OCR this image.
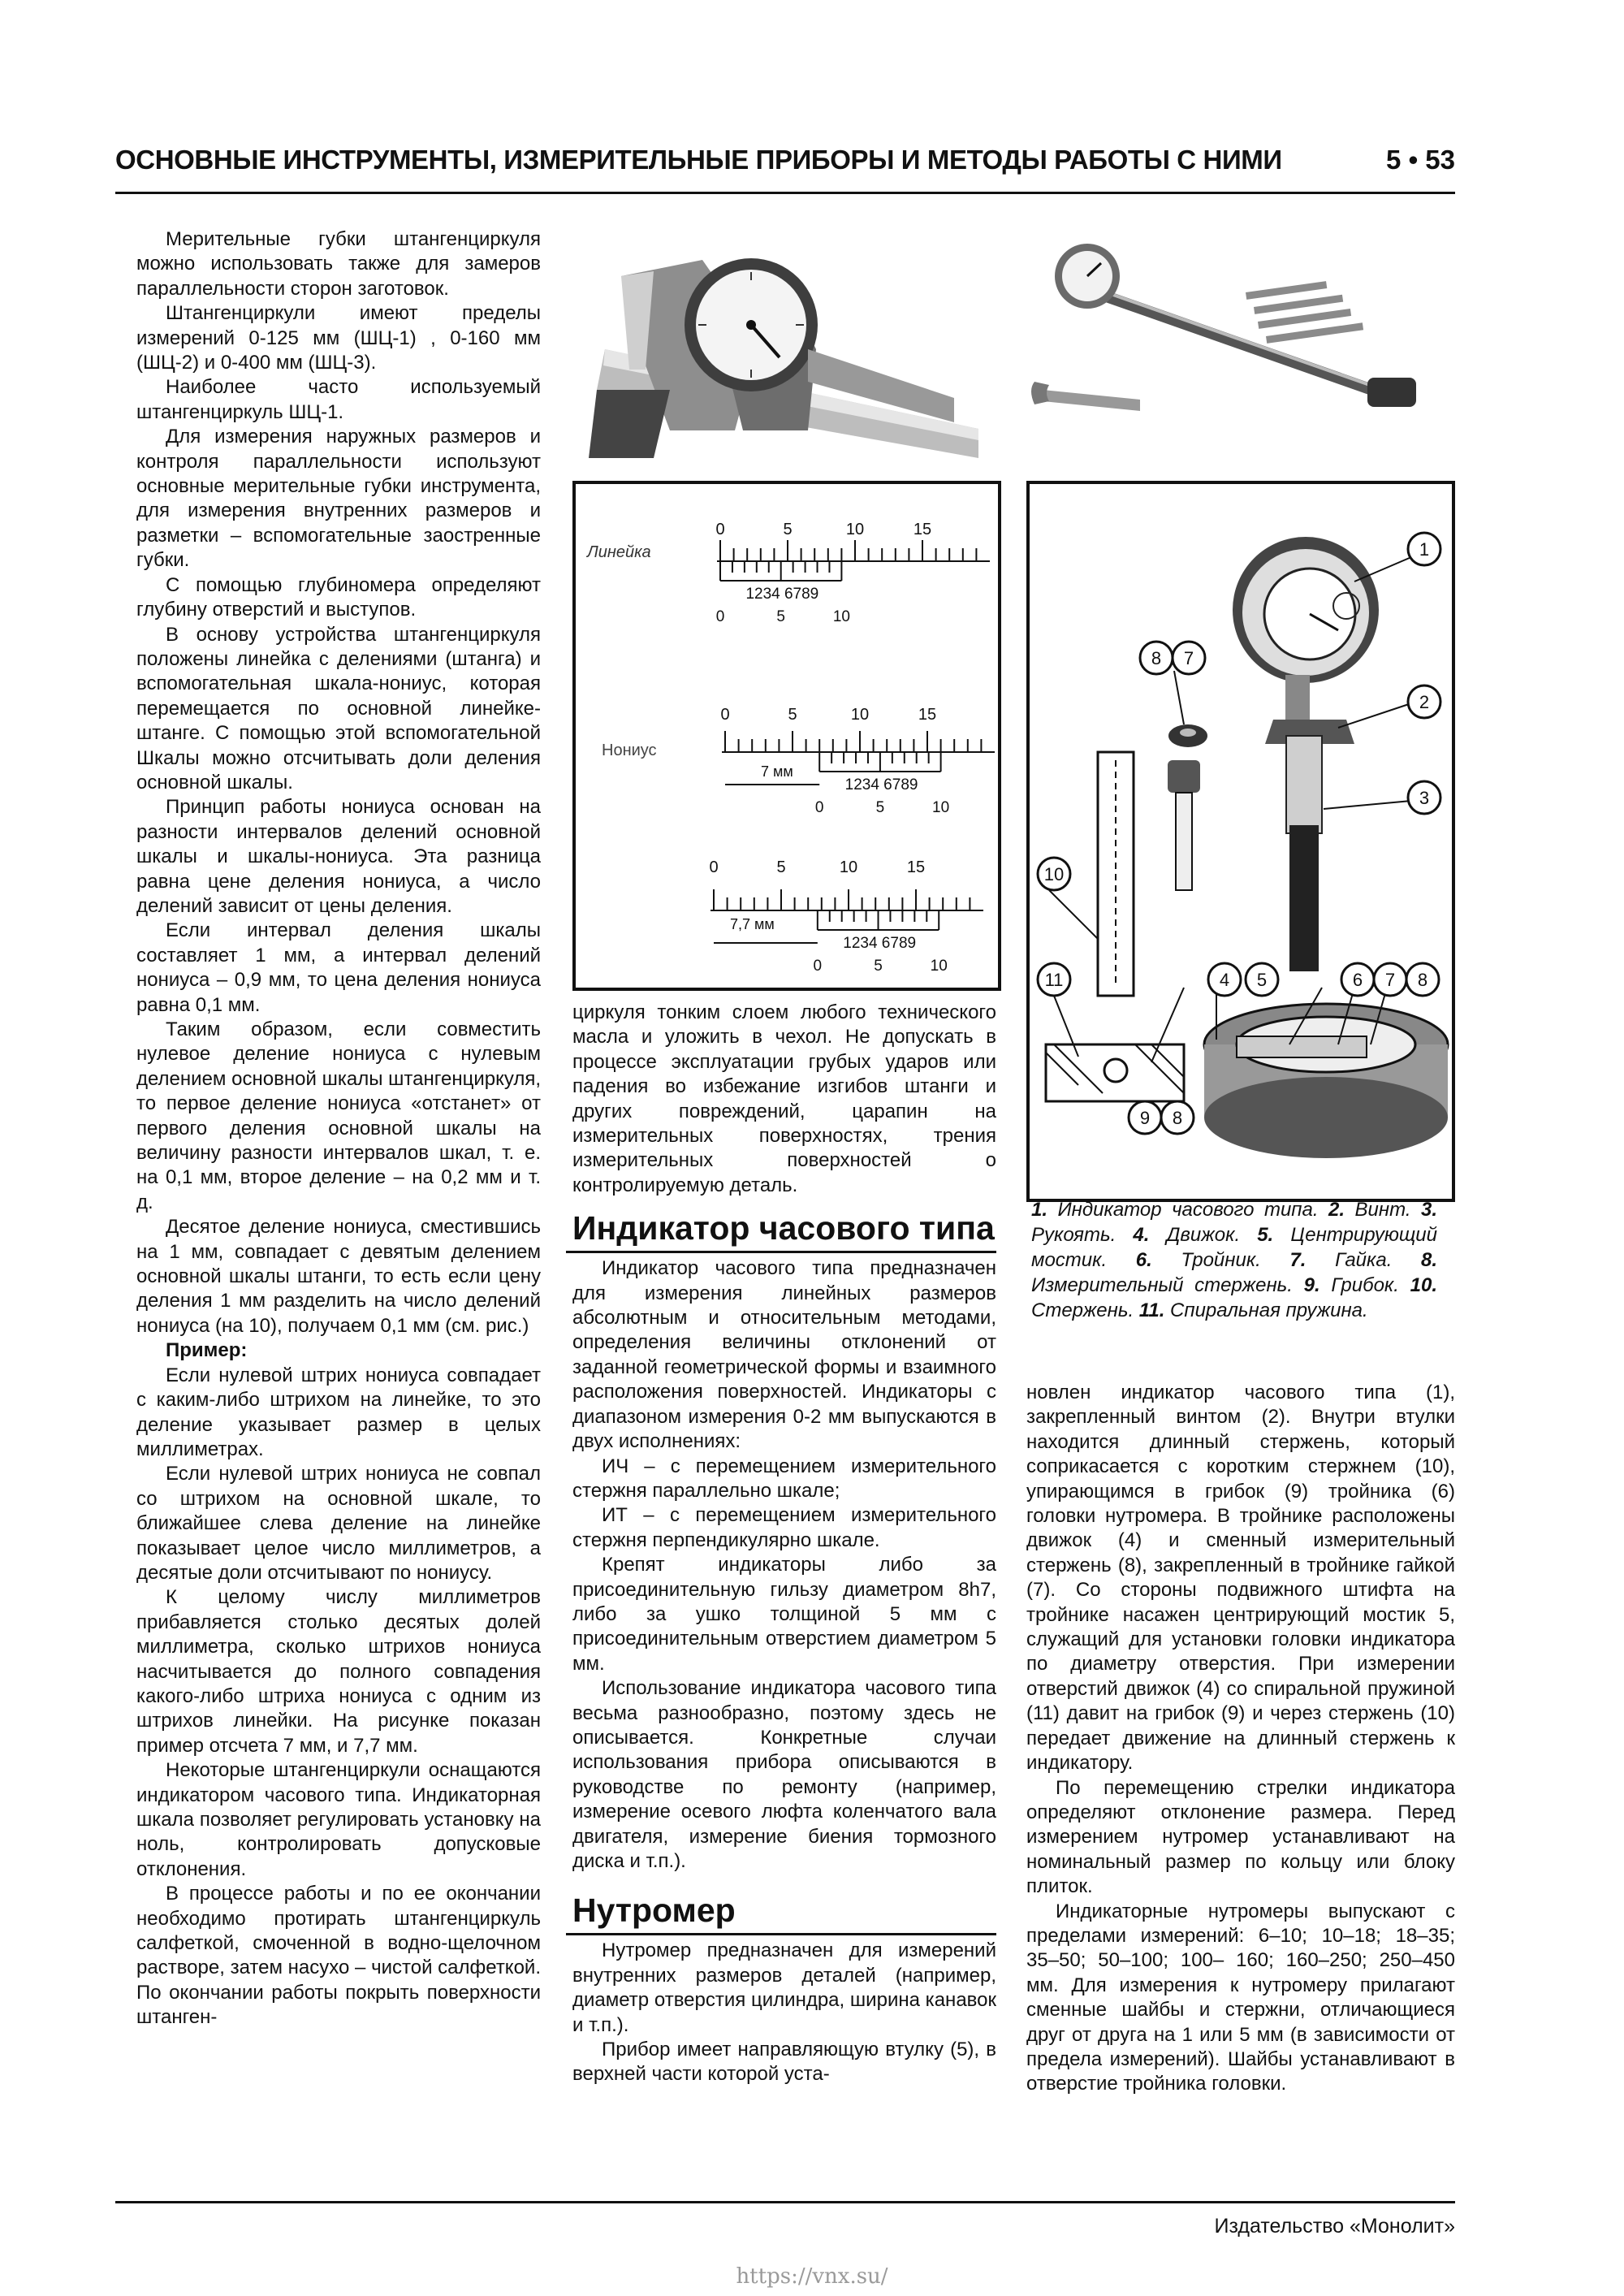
ОСНОВНЫЕ ИНСТРУМЕНТЫ, ИЗМЕРИТЕЛЬНЫЕ ПРИБОРЫ И МЕТОДЫ РАБОТЫ С НИМИ	5 • 53

Мерительные губки штангенциркуля можно использовать также для замеров параллельности сторон заготовок.

Штангенциркули имеют пределы измерений 0-125 мм (ШЦ-1) , 0-160 мм (ШЦ-2) и 0-400 мм (ШЦ-3).

Наиболее часто используемый штангенциркуль ШЦ-1.

Для измерения наружных размеров и контроля параллельности используют основные мерительные губки инструмента, для измерения внутренних размеров и разметки – вспомогательные заостренные губки.

С помощью глубиномера определяют глубину отверстий и выступов.

В основу устройства штангенциркуля положены линейка с делениями (штанга) и вспомогательная шкала-нониус, которая перемещается по основной линейке-штанге. С помощью этой вспомогательной Шкалы можно отсчитывать доли деления основной шкалы.

Принцип работы нониуса основан на разности интервалов делений основной шкалы и шкалы-нониуса. Эта разница равна цене деления нониуса, а число делений зависит от цены деления.

Если интервал деления шкалы составляет 1 мм, а интервал делений нониуса – 0,9 мм, то цена деления нониуса равна 0,1 мм.

Таким образом, если совместить нулевое деление нониуса с нулевым делением основной шкалы штангенциркуля, то первое деление нониуса «отстанет» от первого деления основной шкалы на величину разности интервалов шкал, т. е. на 0,1 мм, второе деление – на 0,2 мм и т. д.

Десятое деление нониуса, сместившись на 1 мм, совпадает с девятым делением основной шкалы штанги, то есть если цену деления 1 мм разделить на число делений нониуса (на 10), получаем 0,1 мм (см. рис.)

Пример:

Если нулевой штрих нониуса совпадает с каким-либо штрихом на линейке, то это деление указывает размер в целых миллиметрах.

Если нулевой штрих нониуса не совпал со штрихом на основной шкале, то ближайшее слева деление на линейке показывает целое число миллиметров, а десятые доли отсчитывают по нониусу.

К целому числу миллиметров прибавляется столько десятых долей миллиметра, сколько штрихов нониуса насчитывается до полного совпадения какого-либо штриха нониуса с одним из штрихов линейки. На рисунке показан пример отсчета 7 мм, и 7,7 мм.

Некоторые штангенциркули оснащаются индикатором часового типа. Индикаторная шкала позволяет регулировать установку на ноль, контролировать допусковые отклонения.

В процессе работы и по ее окончании необходимо протирать штангенциркуль салфеткой, смоченной в водно-щелочном растворе, затем насухо – чистой салфеткой. По окончании работы покрыть поверхности штанген-

0	5	10	15
1234 6789
0	5	10
0	5	10	15
1234 6789
0	5	10
0	5	10	15
1234 6789
0	5	10
Линейка
Нониус
7 мм
7,7 мм
1
2
3
4 5	6 7 8
8 7
9 8
10
11
1. Индикатор часового типа. 2. Винт. 3. Рукоять. 4. Движок. 5. Центрирующий мостик. 6. Тройник. 7. Гайка. 8. Измерительный стержень. 9. Грибок. 10. Стержень. 11. Спиральная пружина.

циркуля тонким слоем любого технического масла и уложить в чехол. Не допускать в процессе эксплуатации грубых ударов или падения во избежание изгибов штанги и других повреждений, царапин на измерительных поверхностях, трения измерительных поверхностей о контролируемую деталь.

Индикатор часового типа

Индикатор часового типа предназначен для измерения линейных размеров абсолютным и относительным методами, определения величины отклонений от заданной геометрической формы и взаимного расположения поверхностей. Индикаторы с диапазоном измерения 0-2 мм выпускаются в двух исполнениях:

ИЧ – с перемещением измерительного стержня параллельно шкале;

ИТ – с перемещением измерительного стержня перпендикулярно шкале.

Крепят индикаторы либо за присоединительную гильзу диаметром 8h7, либо за ушко толщиной 5 мм с присоединительным отверстием диаметром 5 мм.

Использование индикатора часового типа весьма разнообразно, поэтому здесь не описывается. Конкретные случаи использования прибора описываются в руководстве по ремонту (например, измерение осевого люфта коленчатого вала двигателя, измерение биения тормозного диска и т.п.).

Нутромер

Нутромер предназначен для измерений внутренних размеров деталей (например, диаметр отверстия цилиндра, ширина канавок и т.п.).

Прибор имеет направляющую втулку (5), в верхней части которой уста-

новлен индикатор часового типа (1), закрепленный винтом (2). Внутри втулки находится длинный стержень, который соприкасается с коротким стержнем (10), упирающимся в грибок (9) тройника (6) головки нутромера. В тройнике расположены движок (4) и сменный измерительный стержень (8), закрепленный в тройнике гайкой (7). Со стороны подвижного штифта на тройнике насажен центрирующий мостик 5, служащий для установки головки индикатора по диаметру отверстия. При измерении отверстий движок (4) со спиральной пружиной (11) давит на грибок (9) и через стержень (10) передает движение на длинный стержень к индикатору.

По перемещению стрелки индикатора определяют отклонение размера. Перед измерением нутромер устанавливают на номинальный размер по кольцу или блоку плиток.

Индикаторные нутромеры выпускают с пределами измерений: 6–10; 10–18; 18–35; 35–50; 50–100; 100– 160; 160–250; 250–450 мм. Для измерения к нутромеру прилагают сменные шайбы и стержни, отличающиеся друг от друга на 1 или 5 мм (в зависимости от предела измерений). Шайбы устанавливают в отверстие тройника головки.

Издательство «Монолит»
https://vnx.su/
